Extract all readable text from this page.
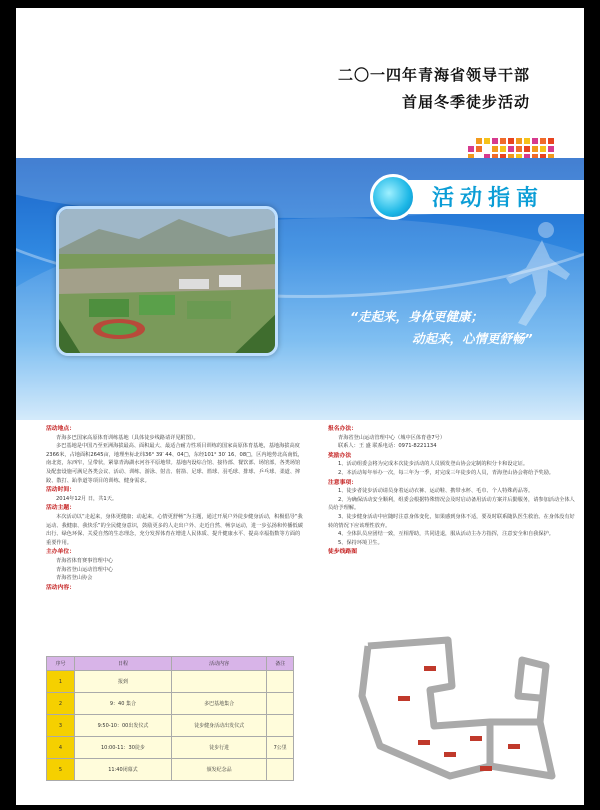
二〇一四年青海省领导干部
首届冬季徒步活动
活动指南
“走起来，身体更健康；
动起来，心情更舒畅”
活动地点：
青海多巴国家高原体育训练基地（具体徒步线路请详见附图）。
多巴基地是中国乃至亚洲海拔最高、面积最大、最适合耐力性项目训练的国家高原体育基地，基地海拔高度2366米，占地面积2645亩，地理坐标北纬36° 39′ 44、04□，东经101° 30′ 16、08□，区内地势北高南低，南北宽，东西窄，呈带状，紧靠青海湖水河谷平原地带。基地内设综合馆、接待部、餐饮部、场馆部，各类场馆及配套设施可满足各类会议、活动、训练、游泳、射击、射箭、足球、篮球、羽毛球、排球、乒乓球、柔道、摔跤、散打、跆拳道等项目的训练、健身需求。
活动时间：
2014年12月 日，共1天。
活动主题：
本次活动以“走起来，身体更健康；动起来，心情更舒畅”为主题，通过开展户外徒步健身活动，积极倡导“我运动、我健康、我快乐”的全民健身意识，鼓励更多的人走出户外、走近自然、畅享运动，进一步弘扬和传播低碳出行、绿色环保、关爱自然的生态理念，充分发挥体育在增进人民体质、提升健康水平、提高幸福指数等方面的重要作用。
主办单位：
青海省体育赛事管理中心
青海省登山运动管理中心
青海省登山协会
活动内容：
序号	日程	活动内容	备注
1	报到		
2	9：40 集合	多巴基地集合	
3	9:50-10：00出发仪式	徒步健身活动出发仪式	
4	10:00-11：30徒步	徒步行进	7公里
5	11:40闭幕式	颁发纪念品	
报名办法：
青海省登山运动管理中心（城中区体育巷7号）
联系人：王 盛 联系电话：0971-8221134
奖励办法
1、活动组委会将为完成本次徒步活动的人员颁发登山协会定制的积分卡和设定证。
2、本活动每年举办一次，每三年为一季，对完成三年徒步的人员，青海登山协会将给予奖励。
注意事项：
1、徒步者徒步活动请员身着运动衣裤、运动鞋、携带水杯、毛巾、个人特殊药品等。
2、为确保活动安全顺利，组委会根据特殊情况会及时启动备用活动方案并后勤服务，请参加活动全体人员给予理解。
3、徒步健身活动中应随时注意身体变化，如果感到身体不适，要及时联系随队医生救治。在身体没有好转的情况下应该理性放弃。
4、全体队员应团结一致，互相帮助，共同进退，服从活动主办方指挥，注意安全和自我保护。
5、保持环境卫生。
徒步线路图
